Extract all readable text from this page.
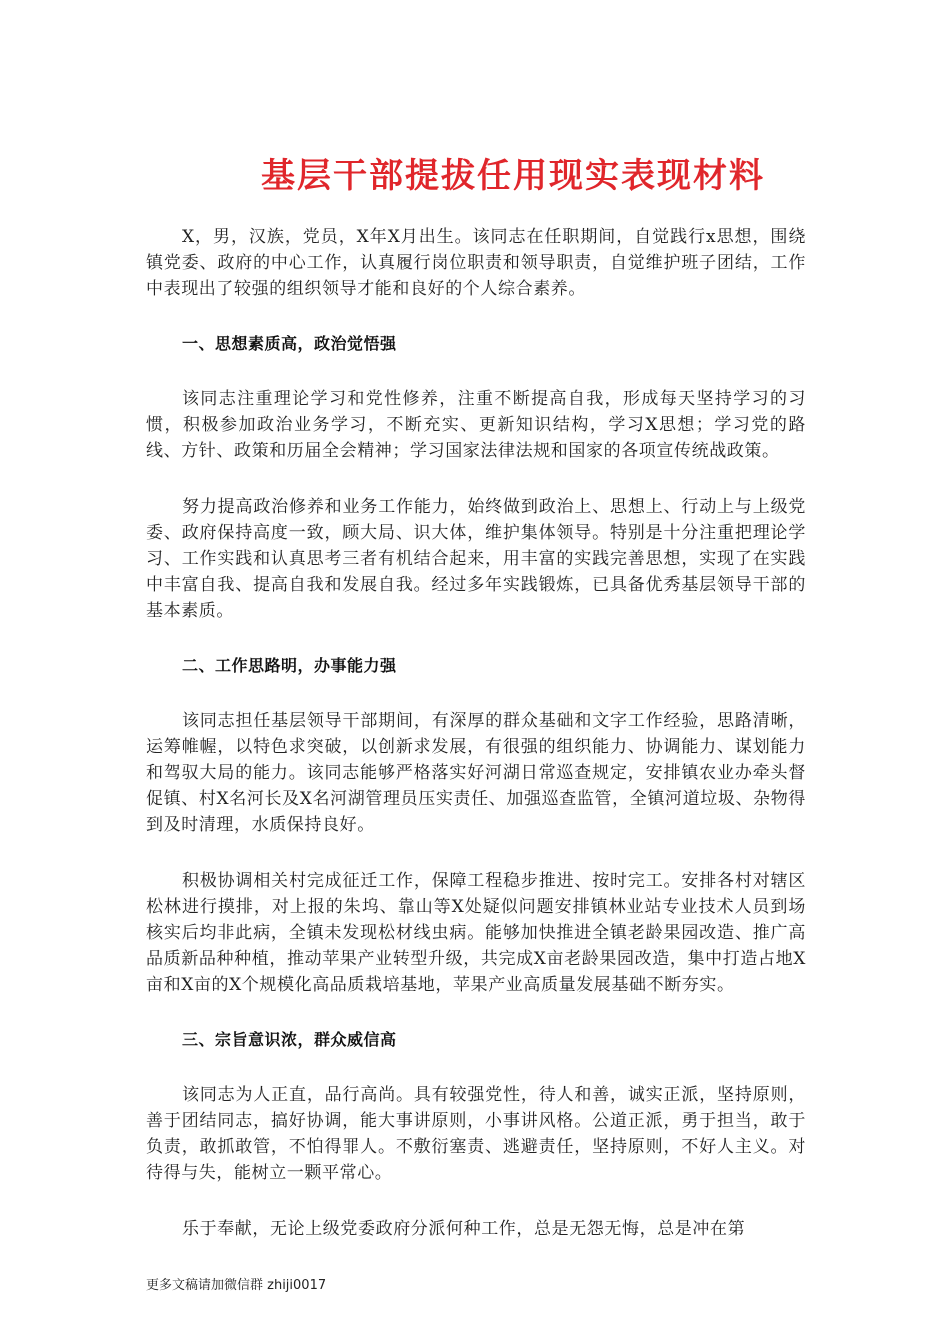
基层干部提拔任用现实表现材料

X，男，汉族，党员，X年X月出生。该同志在任职期间，自觉践行x思想，围绕镇党委、政府的中心工作，认真履行岗位职责和领导职责，自觉维护班子团结，工作中表现出了较强的组织领导才能和良好的个人综合素养。

一、思想素质高，政治觉悟强

该同志注重理论学习和党性修养，注重不断提高自我，形成每天坚持学习的习惯，积极参加政治业务学习，不断充实、更新知识结构，学习X思想；学习党的路线、方针、政策和历届全会精神；学习国家法律法规和国家的各项宣传统战政策。

努力提高政治修养和业务工作能力，始终做到政治上、思想上、行动上与上级党委、政府保持高度一致，顾大局、识大体，维护集体领导。特别是十分注重把理论学习、工作实践和认真思考三者有机结合起来，用丰富的实践完善思想，实现了在实践中丰富自我、提高自我和发展自我。经过多年实践锻炼，已具备优秀基层领导干部的基本素质。

二、工作思路明，办事能力强

该同志担任基层领导干部期间，有深厚的群众基础和文字工作经验，思路清晰，运筹帷幄，以特色求突破，以创新求发展，有很强的组织能力、协调能力、谋划能力和驾驭大局的能力。该同志能够严格落实好河湖日常巡查规定，安排镇农业办牵头督促镇、村X名河长及X名河湖管理员压实责任、加强巡查监管，全镇河道垃圾、杂物得到及时清理，水质保持良好。

积极协调相关村完成征迁工作，保障工程稳步推进、按时完工。安排各村对辖区松林进行摸排，对上报的朱坞、靠山等X处疑似问题安排镇林业站专业技术人员到场核实后均非此病，全镇未发现松材线虫病。能够加快推进全镇老龄果园改造、推广高品质新品种种植，推动苹果产业转型升级，共完成X亩老龄果园改造，集中打造占地X亩和X亩的X个规模化高品质栽培基地，苹果产业高质量发展基础不断夯实。

三、宗旨意识浓，群众威信高

该同志为人正直，品行高尚。具有较强党性，待人和善，诚实正派，坚持原则，善于团结同志，搞好协调，能大事讲原则，小事讲风格。公道正派，勇于担当，敢于负责，敢抓敢管，不怕得罪人。不敷衍塞责、逃避责任，坚持原则，不好人主义。对待得与失，能树立一颗平常心。

乐于奉献，无论上级党委政府分派何种工作，总是无怨无悔，总是冲在第

更多文稿请加微信群 zhiji0017
